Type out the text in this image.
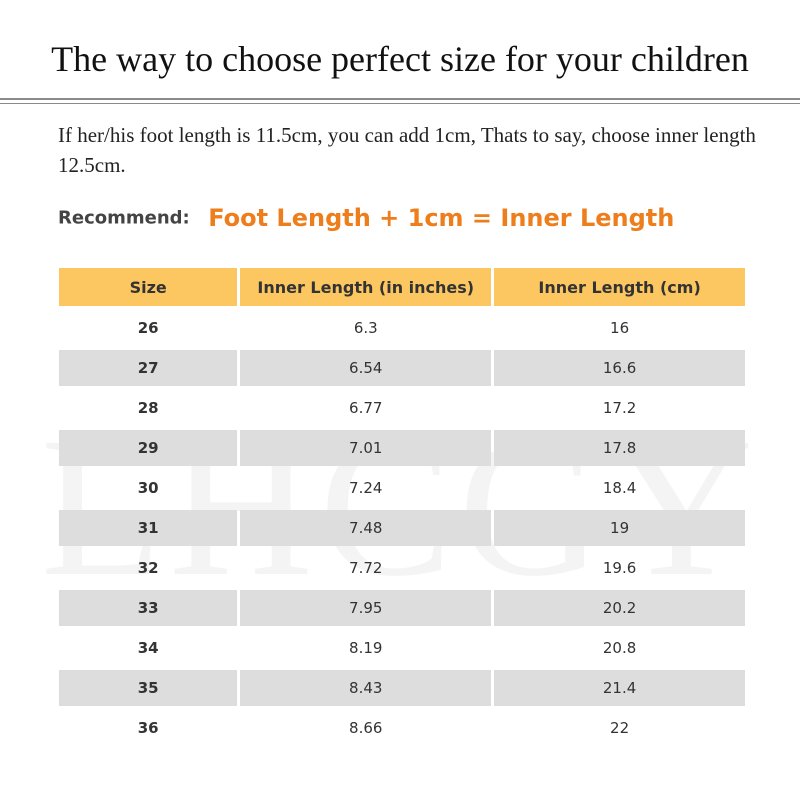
The way to choose perfect size for your children

If her/his foot length is 11.5cm, you can add 1cm, Thats to say, choose inner length 12.5cm.

Recommend: Foot Length + 1cm = Inner Length
Size	Inner Length (in inches)	Inner Length (cm)
26	6.3	16
27	6.54	16.6
28	6.77	17.2
29	7.01	17.8
30	7.24	18.4
31	7.48	19
32	7.72	19.6
33	7.95	20.2
34	8.19	20.8
35	8.43	21.4
36	8.66	22
